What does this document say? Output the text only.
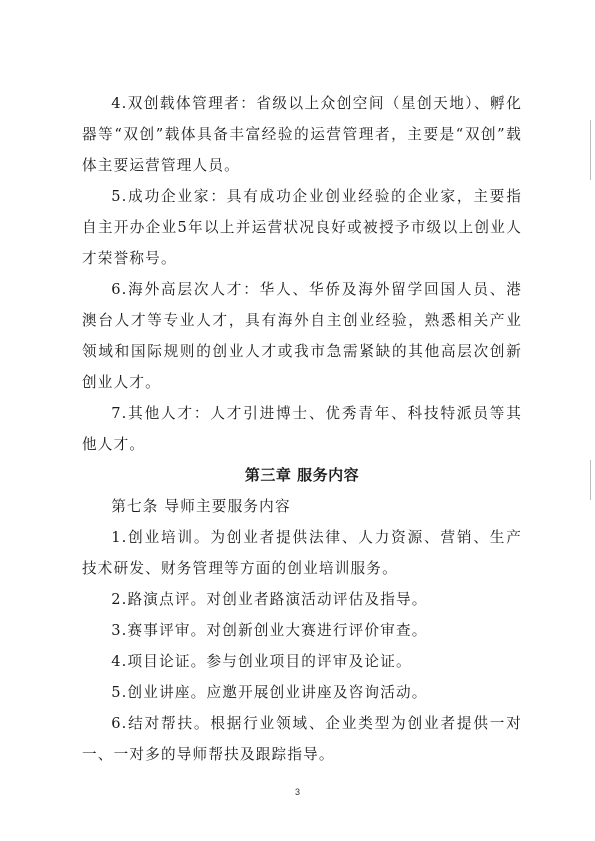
4.双创载体管理者：省级以上众创空间（星创天地）、孵化器等“双创”载体具备丰富经验的运营管理者，主要是“双创”载体主要运营管理人员。

5.成功企业家：具有成功企业创业经验的企业家，主要指自主开办企业5年以上并运营状况良好或被授予市级以上创业人才荣誉称号。

6.海外高层次人才：华人、华侨及海外留学回国人员、港澳台人才等专业人才，具有海外自主创业经验，熟悉相关产业领域和国际规则的创业人才或我市急需紧缺的其他高层次创新创业人才。

7.其他人才：人才引进博士、优秀青年、科技特派员等其他人才。

第三章 服务内容

第七条 导师主要服务内容

1.创业培训。为创业者提供法律、人力资源、营销、生产技术研发、财务管理等方面的创业培训服务。

2.路演点评。对创业者路演活动评估及指导。

3.赛事评审。对创新创业大赛进行评价审查。

4.项目论证。参与创业项目的评审及论证。

5.创业讲座。应邀开展创业讲座及咨询活动。

6.结对帮扶。根据行业领域、企业类型为创业者提供一对一、一对多的导师帮扶及跟踪指导。

3
